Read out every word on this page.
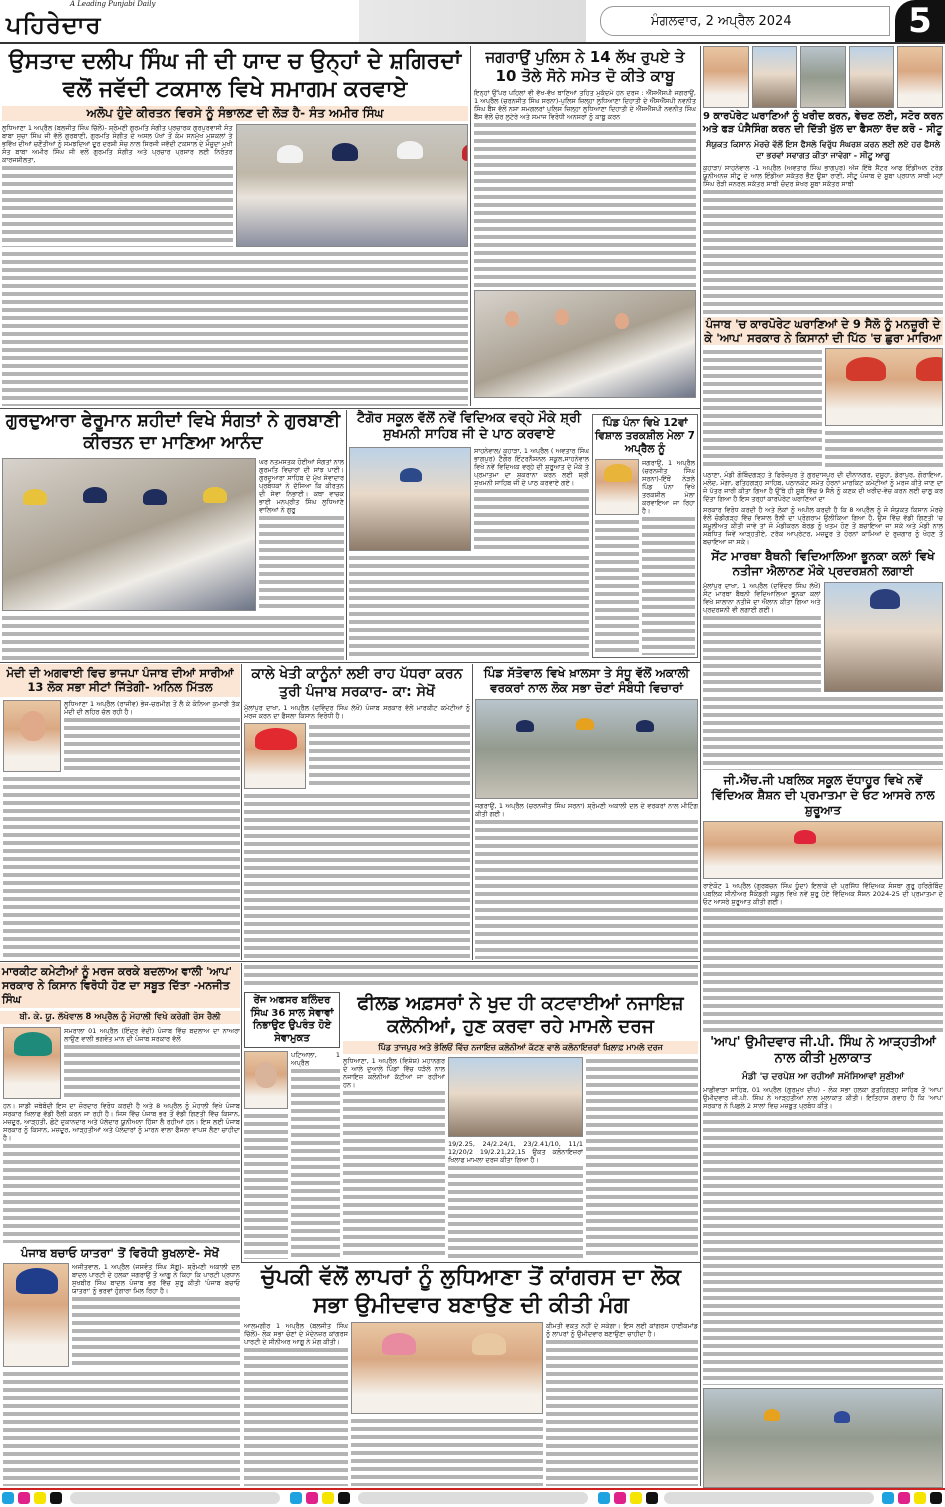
A Leading Punjabi Daily
ਪਹਿਰੇਦਾਰ	ਮੰਗਲਵਾਰ, 2 ਅਪ੍ਰੈਲ 2024	5
ਉਸਤਾਦ ਦਲੀਪ ਸਿੰਘ ਜੀ ਦੀ ਯਾਦ ਚ ਉਨ੍ਹਾਂ ਦੇ ਸ਼ਗਿਰਦਾਂ ਵਲੋਂ ਜਵੱਦੀ ਟਕਸਾਲ ਵਿਖੇ ਸਮਾਗਮ ਕਰਵਾਏ
ਅਲੋਪ ਹੁੰਦੇ ਕੀਰਤਨ ਵਿਰਸੇ ਨੂੰ ਸੰਭਾਲਣ ਦੀ ਲੋੜ ਹੈ- ਸੰਤ ਅਮੀਰ ਸਿੰਘ
ਲੁਧਿਆਣਾ 1 ਅਪ੍ਰੈਲ (ਬਲਜੀਤ ਸਿੰਘ ਚਿੱਲੋਂ)- ਸ਼੍ਰੋਮਣੀ ਗੁਰਮਤਿ ਸੰਗੀਤ ਪ੍ਰਚਾਰਕ ਗੁਰਪੁਰਵਾਸੀ ਸੰਤ ਬਾਬਾ ਸੁਚਾ ਸਿੰਘ ਜੀ ਵੱਲੋਂ ਗੁਰਬਾਣੀ, ਗੁਰਮਤਿ ਸੰਗੀਤ ਦੇ ਅਸਲ ਪੱਖਾਂ ਤੋਂ ਕੰਮ ਸਨਮੁੱਖ ਮੁਸ਼ਕਲਾਂ ਤੇ ਭਵਿੱਖ ਦੀਆਂ ਚਣੌਤੀਆਂ ਨੂੰ ਸਮਝਦਿਆਂ ਦੂਰ ਦਰਸ਼ੀ ਸੋਚ ਨਾਲ ਸਿਰਜੀ ਜਵੱਦੀ ਟਕਸਾਲ ਦੇ ਮੌਜੂਦਾ ਮੁਖੀ ਸੰਤ ਬਾਬਾ ਅਮੀਰ ਸਿੰਘ ਜੀ ਵਲੋਂ ਗੁਰਮਤਿ ਸੰਗੀਤ ਅਤੇ ਪ੍ਰਚਾਰ ਪ੍ਰਸਾਰ ਲਈ ਨਿਰੰਤਰ ਕਾਰਜਸ਼ੀਲਤਾ,
ਜਗਰਾਉਂ ਪੁਲਿਸ ਨੇ 14 ਲੱਖ ਰੁਪਏ ਤੇ 10 ਤੋਲੇ ਸੋਨੇ ਸਮੇਤ ਦੋ ਕੀਤੇ ਕਾਬੂ
ਇਨ੍ਹਾਂ ਉੱਪਰ ਪਹਿਲਾਂ ਵੀ ਵੱਖ-ਵੱਖ ਥਾਣਿਆਂ ਤਹਿਤ ਮੁਕੱਦਮੇ ਹਨ ਦਰਜ : ਐੱਸਐੱਸਪੀ ਜਗਰਾਉਂ, 1 ਅਪ੍ਰੈਲ (ਚਰਨਜੀਤ ਸਿੰਘ ਸਰਨਾ)-ਪੁਲਿਸ ਜ਼ਿਲ੍ਹਾ ਲੁਧਿਆਣਾ ਦਿਹਾਤੀ ਦੇ ਐੱਸਐੱਸਪੀ ਨਵਨੀਤ ਸਿੰਘ ਬੈਂਸ ਵੱਲੋਂ ਨਸ਼ਾ ਸਮਗਲਰਾਂ ਪੁਲਿਸ ਜ਼ਿਲ੍ਹਾ ਲੁਧਿਆਣਾ ਦਿਹਾਤੀ ਦੇ ਐੱਸਐੱਸਪੀ ਨਵਨੀਤ ਸਿੰਘ ਬੈਂਸ ਵੱਲੋਂ ਚੋਰ ਲੁਟੇਰੇ ਅਤੇ ਸਮਾਜ ਵਿਰੋਧੀ ਅਨਸਰਾਂ ਨੂੰ ਕਾਬੂ ਕਰਨ	9 ਕਾਰਪੋਰੇਟ ਘਰਾਣਿਆਂ ਨੂੰ ਖਰੀਦ ਕਰਨ, ਵੇਚਣ ਲਈ, ਸਟੋਰ ਕਰਨ ਅਤੇ ਫੜ ਪੰਸੈਸਿੰਗ ਕਰਨ ਦੀ ਦਿੱਤੀ ਖੁੱਲ ਦਾ ਫੈਸਲਾ ਰੱਦ ਕਰੋ - ਸੀਟੂ
ਸੰਯੁਕਤ ਕਿਸਾਨ ਮੋਰਚੇ ਵੱਲੋਂ ਇਸ ਫੈਸਲੇ ਵਿਰੁੱਧ ਸੰਘਰਸ਼ ਕਰਨ ਲਈ ਲਏ ਹਰ ਫੈਸਲੇ ਦਾ ਭਰਵਾਂ ਸਵਾਗਤ ਕੀਤਾ ਜਾਵੇਗਾ - ਸੀਟੂ ਆਗੂ
ਕੁਹਾੜਾ/ ਸਾਹਨੇਵਾਲ -1 ਅਪ੍ਰੈਲ (ਅਵਤਾਰ ਸਿੰਘ ਭਾਗਪੁਰ) ਅੱਜ ਇੱਥੇ ਸੈਂਟਰ ਆਫ ਇੰਡੀਅਨ ਟਰੇਡ ਯੂਨੀਅਨਜ਼ ਸੀਟੂ ਦੇ ਆਲ ਇੰਡੀਆ ਸਕੱਤਰ ਭੈਣ ਊਸ਼ਾ ਰਾਣੀ, ਸੀਟੂ ਪੰਜਾਬ ਦੇ ਸੂਬਾ ਪ੍ਰਧਾਨ ਸਾਥੀ ਮਹਾਂ ਸਿੰਘ ਰੌੜੀ ਜਨਰਲ ਸਕੱਤਰ ਸਾਥੀ ਚੰਦਰ ਸ਼ੇਖਰ ਸੂਬਾ ਸਕੱਤਰ ਸਾਥੀ
ਪੰਜਾਬ 'ਚ ਕਾਰਪੋਰੇਟ ਘਰਾਣਿਆਂ ਦੇ 9 ਸੈਲੋ ਨੂੰ ਮਨਜ਼ੂਰੀ ਦੇ ਕੇ 'ਆਪ' ਸਰਕਾਰ ਨੇ ਕਿਸਾਨਾਂ ਦੀ ਪਿੱਠ 'ਚ ਛੁਰਾ ਮਾਰਿਆ
ਪਠਾਣਾ, ਮੰਡੀ ਗੋਬਿੰਦਗੜ੍ਹ ਤੇ ਫਿਰੋਜ਼ਪੁਰ ਤੇ ਗੁਰਦਾਸਪੁਰ ਦੀ ਦੀਨਾਨਗਰ, ਦਸੂਹਾ, ਡੇਰਾਪੁਰ, ਗੋਰਾਇਆ, ਮਲੋਦ, ਮੋਗਾ, ਫਤਿਹਗੜ੍ਹ ਸਾਹਿਬ, ਪਠਾਨਕੋਟ ਸਮੇਤ ਹੋਰਨਾਂ ਮਾਰਕਿਟ ਕਮੇਟੀਆਂ ਨੂੰ ਮਰਜ ਕੀਤੇ ਜਾਣ ਦਾ ਜੋ ਪੱਤਰ ਜਾਰੀ ਕੀਤਾ ਗਿਆ ਹੈ ਉੱਥੇ ਹੀ ਸੂਬੇ ਵਿੱਚ 9 ਸੈਲੋ ਨੂੰ ਕਣਕ ਦੀ ਖਰੀਦ-ਵੇਚ ਕਰਨ ਲਈ ਚਾਲੂ ਕਰ ਦਿੱਤਾ ਗਿਆ ਹੈ ਇਸ ਤਰ੍ਹਾਂ ਕਾਰਪੋਰੇਟ ਘਰਾਣਿਆਂ ਦਾ
ਸਰਕਾਰ ਵਿਰੋਧ ਕਰਦੀ ਹੈ ਅਤੇ ਲੋਕਾਂ ਨੂੰ ਅਪੀਲ ਕਰਦੀ ਹੈ ਕਿ 8 ਅਪ੍ਰੈਲ ਨੂੰ ਜੋ ਸੰਯੁਕਤ ਕਿਸਾਨ ਮੋਰਚੇ ਵੱਲੋਂ ਚੰਡੀਗੜ੍ਹ ਵਿੱਚ ਵਿਸ਼ਾਲ ਰੈਲੀ ਦਾ ਪ੍ਰੋਗਰਾਮ ਉਲੀਕਿਆ ਗਿਆ ਹੈ, ਉਸ ਵਿੱਚ ਵੱਡੀ ਗਿਣਤੀ 'ਚ ਸ਼ਮੂਲੀਅਤ ਕੀਤੀ ਜਾਵੇ ਤਾਂ ਜੋ ਮੰਡੀਕਰਨ ਬੋਰਡ ਨੂੰ ਖਤਮ ਹੋਣ ਤੋਂ ਬਚਾਇਆ ਜਾ ਸਕੇ ਅਤੇ ਮੰਡੀ ਨਾਲ ਸਬੰਧਿਤ ਜਿਵੇਂ ਆੜ੍ਹਤੀਏ, ਟਰੱਕ ਆਪ੍ਰੇਟਰ, ਮਜ਼ਦੂਰ ਤੇ ਹੋਰਨਾਂ ਕਾਮਿਆਂ ਦੇ ਰੁਜ਼ਗਾਰ ਨੂੰ ਖੋਹਣ ਤੋਂ ਬਚਾਇਆ ਜਾ ਸਕੇ।
ਸੇਂਟ ਮਾਰਥਾ ਬੈਥਨੀ ਵਿਦਿਆਲਿਆ ਭੂਨਕਾ ਕਲਾਂ ਵਿਖੇ ਨਤੀਜਾ ਐਲਾਨਣ ਮੌਕੇ ਪ੍ਰਦਰਸ਼ਨੀ ਲਗਾਈ
ਮੁੱਲਾਂਪੁਰ ਦਾਖਾ, 1 ਅਪ੍ਰੈਲ (ਦਵਿੰਦਰ ਸਿੰਘ ਲੱਖੋਂ) ਸੇਂਟ ਮਾਰਥਾ ਬੈਥਨੀ ਵਿਦਿਆਲਿਆ ਭੂਨਕਾ ਕਲਾਂ ਵਿਖੇ ਸਾਲਾਨਾ ਨਤੀਜੇ ਦਾ ਐਲਾਨ ਕੀਤਾ ਗਿਆ ਅਤੇ ਪ੍ਰਦਰਸ਼ਨੀ ਵੀ ਲਗਾਈ ਗਈ।
ਜੀ.ਐੱਚ.ਜੀ ਪਬਲਿਕ ਸਕੂਲ ਦੱਧਾਹੂਰ ਵਿਖੇ ਨਵੇਂ ਵਿੱਦਿਅਕ ਸ਼ੈਸ਼ਨ ਦੀ ਪ੍ਰਮਾਤਮਾ ਦੇ ਓਟ ਆਸਰੇ ਨਾਲ ਸ਼ੁਰੂਆਤ
ਰਾਏਕੋਟ 1 ਅਪ੍ਰੈਲ (ਗੁਰਬਚਨ ਸਿੰਘ ਧੂੰਦਾ) ਇਲਾਕੇ ਦੀ ਪ੍ਰਸਿੱਧ ਵਿੱਦਿਅਕ ਸੰਸਥਾ ਗੁਰੂ ਹਰਿਗੋਬਿੰਦ ਪਬਲਿਕ ਸੀਨੀਅਰ ਸੈਕੰਡਰੀ ਸਕੂਲ ਵਿਖੇ ਨਵੇਂ ਸ਼ੁਰੂ ਹੋਏ ਵਿੱਦਿਅਕ ਸੈਸ਼ਨ 2024-25 ਦੀ ਪ੍ਰਮਾਤਮਾ ਦੇ ਓਟ ਆਸਰੇ ਸ਼ੁਰੂਆਤ ਕੀਤੀ ਗਈ।
'ਆਪ' ਉਮੀਦਵਾਰ ਜੀ.ਪੀ. ਸਿੰਘ ਨੇ ਆੜ੍ਹਤੀਆਂ ਨਾਲ ਕੀਤੀ ਮੁਲਾਕਾਤ
ਮੰਡੀ 'ਚ ਦਰਪੇਸ਼ ਆ ਰਹੀਆਂ ਸਮੱਸਿਆਵਾਂ ਸੁਣੀਆਂ
ਮਾਛੀਵਾੜਾ ਸਾਹਿਬ, 01 ਅਪ੍ਰੈਲ (ਗੁਰਮੁਖ ਦੀਪ) - ਲੋਕ ਸਭਾ ਹਲਕਾ ਫ਼ਤਹਿਗੜ੍ਹ ਸਾਹਿਬ ਤੋਂ 'ਆਪ' ਉਮੀਦਵਾਰ ਜੀ.ਪੀ. ਸਿੰਘ ਨੇ ਆੜ੍ਹਤੀਆਂ ਨਾਲ ਮੁਲਾਕਾਤ ਕੀਤੀ। ਇਤਿਹਾਸ ਗਵਾਹ ਹੈ ਕਿ 'ਆਪ' ਸਰਕਾਰ ਨੇ ਪਿਛਲੇ 2 ਸਾਲਾਂ ਵਿਚ ਮਜ਼ਬੂਤ ਪ੍ਰਬੰਧ ਕੀਤੇ।
ਗੁਰਦੁਆਰਾ ਫੇਰੂਮਾਨ ਸ਼ਹੀਦਾਂ ਵਿਖੇ ਸੰਗਤਾਂ ਨੇ ਗੁਰਬਾਣੀ ਕੀਰਤਨ ਦਾ ਮਾਣਿਆ ਆਨੰਦ
ਘਰ ਨਤਮਸਤਕ ਹੋਈਆਂ ਸੰਗਤਾਂ ਨਾਲ ਗੁਰਮਤਿ ਵਿਚਾਰਾਂ ਦੀ ਸਾਂਝ ਪਾਈ। ਗੁਰਦੁਆਰਾ ਸਾਹਿਬ ਦੇ ਮੁੱਖ ਸੇਵਾਦਾਰ ਪ੍ਰਬੰਧਕਾਂ ਨੇ ਦੱਸਿਆ ਕਿ ਕੀਰਤਨ ਦੀ ਸੇਵਾ ਨਿਭਾਈ। ਕਥਾ ਵਾਚਕ ਭਾਈ ਮਨਪ੍ਰੀਤ ਸਿੰਘ ਲੁਧਿਆਣੇ ਵਾਲਿਆਂ ਨੇ ਗੁਰੂ
ਟੈਗੋਰ ਸਕੂਲ ਵੱਲੋਂ ਨਵੇਂ ਵਿਦਿਅਕ ਵਰ੍ਹੇ ਮੌਕੇ ਸ਼੍ਰੀ ਸੁਖਮਨੀ ਸਾਹਿਬ ਜੀ ਦੇ ਪਾਠ ਕਰਵਾਏ
ਸਾਹਨੇਵਾਲ/ ਕੁਹਾੜਾ, 1 ਅਪ੍ਰੈਲ ( ਅਵਤਾਰ ਸਿੰਘ ਭਾਗਪੁਰ) ਟੈਗੋਰ ਇੰਟਰਨੈਸ਼ਨਲ ਸਕੂਲ,ਸਾਹਨੇਵਾਲ ਵਿਖੇ ਨਵੇਂ ਵਿਦਿਅਕ ਵਰ੍ਹੇ ਦੀ ਸ਼ੁਰੂਆਤ ਦੇ ਮੌਕੇ ਤੇ ਪ੍ਰਮਾਤਮਾ ਦਾ ਸ਼ੁਕਰਾਨਾ ਕਰਨ ਲਈ ਸ਼੍ਰੀ ਸੁਖਮਨੀ ਸਾਹਿਬ ਜੀ ਦੇ ਪਾਠ ਕਰਵਾਏ ਗਏ।
ਪਿੰਡ ਪੰਨਾ ਵਿਖੇ 12ਵਾਂ ਵਿਸ਼ਾਲ ਤਰਕਸ਼ੀਲ ਮੇਲਾ 7 ਅਪ੍ਰੈਲ ਨੂੰ
ਜਗਰਾਉਂ, 1 ਅਪ੍ਰੈਲ (ਚਰਨਜੀਤ ਸਿੰਘ ਸਰਨਾ)-ਇੱਥੋਂ ਨੇੜਲੇ ਪਿੰਡ ਪੰਨਾ ਵਿਖੇ ਤਰਕਸ਼ੀਲ ਮੇਲਾ ਕਰਵਾਇਆ ਜਾ ਰਿਹਾ ਹੈ।
ਮੋਦੀ ਦੀ ਅਗਵਾਈ ਵਿਚ ਭਾਜਪਾ ਪੰਜਾਬ ਦੀਆਂ ਸਾਰੀਆਂ 13 ਲੋਕ ਸਭਾ ਸੀਟਾਂ ਜਿੱਤੇਗੀ- ਅਨਿਲ ਮਿੱਤਲ
ਲੁਧਿਆਣਾ 1 ਅਪ੍ਰੈਲ (ਰਾਜੀਵ) ਭੇਜ-ਚਰਮੀਗ ਤੋਂ ਲੈ ਕੇ ਕੰਨਿਆ ਕੁਮਾਰੀ ਤੱਕ ਮੋਦੀ ਦੀ ਲਹਿਰ ਚੱਲ ਰਹੀ ਹੈ।
ਕਾਲੇ ਖੇਤੀ ਕਾਨੂੰਨਾਂ ਲਈ ਰਾਹ ਪੱਧਰਾ ਕਰਨ ਤੁਰੀ ਪੰਜਾਬ ਸਰਕਾਰ- ਕਾ: ਸੇਖੋਂ
ਮੁੱਲਾਂਪੁਰ ਦਾਖਾ, 1 ਅਪ੍ਰੈਲ (ਦਵਿੰਦਰ ਸਿੰਘ ਲੱਖੋਂ) ਪੰਜਾਬ ਸਰਕਾਰ ਵੱਲੋਂ ਮਾਰਕੀਟ ਕਮੇਟੀਆਂ ਨੂੰ ਮਰਜ ਕਰਨ ਦਾ ਫੈਸਲਾ ਕਿਸਾਨ ਵਿਰੋਧੀ ਹੈ।
ਪਿੰਡ ਸੱਤੋਵਾਲ ਵਿਖੇ ਖ਼ਾਲਸਾ ਤੇ ਸੰਧੂ ਵੱਲੋਂ ਅਕਾਲੀ ਵਰਕਰਾਂ ਨਾਲ ਲੋਕ ਸਭਾ ਚੋਣਾਂ ਸੰਬੰਧੀ ਵਿਚਾਰਾਂ
ਜਗਰਾਉਂ, 1 ਅਪ੍ਰੈਲ (ਚਰਨਜੀਤ ਸਿੰਘ ਸਰਨਾ) ਸ਼੍ਰੋਮਣੀ ਅਕਾਲੀ ਦਲ ਦੇ ਵਰਕਰਾਂ ਨਾਲ ਮੀਟਿੰਗ ਕੀਤੀ ਗਈ।
ਮਾਰਕੀਟ ਕਮੇਟੀਆਂ ਨੂੰ ਮਰਜ ਕਰਕੇ ਬਦਲਾਅ ਵਾਲੀ 'ਆਪ' ਸਰਕਾਰ ਨੇ ਕਿਸਾਨ ਵਿਰੋਧੀ ਹੋਣ ਦਾ ਸਬੂਤ ਦਿੱਤਾ -ਮਨਜੀਤ ਸਿੰਘ
ਬੀ. ਕੇ. ਯੂ. ਲੱਖੋਵਾਲ 8 ਅਪ੍ਰੈਲ ਨੂੰ ਮੋਹਾਲੀ ਵਿਖੇ ਕਰੇਗੀ ਰੋਸ ਰੈਲੀ
ਸਮਰਾਲਾ 01 ਅਪ੍ਰੈਲ (ਇੰਦ੍ਰ ਵੇਦੀ) ਪੰਜਾਬ ਵਿੱਚ ਬਦਲਾਅ ਦਾ ਨਾਅਰਾ ਲਾਉਣ ਵਾਲੀ ਭਗਵੰਤ ਮਾਨ ਦੀ ਪੰਜਾਬ ਸਰਕਾਰ ਵੱਲੋਂ
ਹਨ। ਸਾਡੀ ਜਥੇਬੰਦੀ ਇਸ ਦਾ ਜ਼ੋਰਦਾਰ ਵਿਰੋਧ ਕਰਦੀ ਹੈ ਅਤੇ 8 ਅਪ੍ਰੈਲ ਨੂੰ ਮੋਹਾਲੀ ਵਿਖੇ ਪੰਜਾਬ ਸਰਕਾਰ ਖਿਲਾਫ ਵੱਡੀ ਰੈਲੀ ਕਰਨ ਜਾ ਰਹੀ ਹੈ। ਜਿਸ ਵਿੱਚ ਪੰਜਾਬ ਭਰ ਤੋਂ ਵੱਡੀ ਗਿਣਤੀ ਵਿੱਚ ਕਿਸਾਨ, ਮਜ਼ਦੂਰ, ਆੜ੍ਹਤੀ, ਛੋਟੇ ਦੁਕਾਨਦਾਰ ਅਤੇ ਪੱਲੇਦਾਰ ਯੂਨੀਅਨਾ ਹਿੱਸਾ ਲੈ ਰਹੀਆਂ ਹਨ। ਇਸ ਲਈ ਪੰਜਾਬ ਸਰਕਾਰ ਨੂੰ ਕਿਸਾਨ, ਮਜ਼ਦੂਰ, ਆੜ੍ਹਤੀਆਂ ਅਤੇ ਪੱਲੇਦਾਰਾਂ ਨੂੰ ਮਾਰਨ ਵਾਲਾ ਫੈਸਲਾ ਵਾਪਸ ਲੈਣਾ ਚਾਹੀਦਾ ਹੈ।
ਰੇਂਜ ਅਫਸਰ ਬਲਿੰਦਰ ਸਿੰਘ 36 ਸਾਲ ਸੇਵਾਵਾਂ ਨਿਭਾਉਣ ਉਪਰੰਤ ਹੋਏ ਸੇਵਾਮੁਕਤ
ਪਟਿਆਲਾ, 1 ਅਪ੍ਰੈਲ
ਫੀਲਡ ਅਫ਼ਸਰਾਂ ਨੇ ਖੁਦ ਹੀ ਕਟਵਾਈਆਂ ਨਜਾਇਜ਼ ਕਲੋਨੀਆਂ, ਹੁਣ ਕਰਵਾ ਰਹੇ ਮਾਮਲੇ ਦਰਜ
ਪਿੰਡ ਤਾਜਪੁਰ ਅਤੇ ਭੋਲਿਓਂ ਵਿੱਚ ਨਜਾਇਜ਼ ਕਲੋਨੀਆਂ ਕੱਟਣ ਵਾਲੇ ਕਲੋਨਾਇਜ਼ਰਾਂ ਖ਼ਿਲਾਫ਼ ਮਾਮਲੇ ਦਰਜ
ਲੁਧਿਆਣਾ, 1 ਅਪ੍ਰੈਲ (ਵਿਸ਼ੇਸ਼) ਮਹਾਨਗਰ ਦੇ ਆਲੇ ਦੁਆਲੇ ਪਿੰਡਾਂ ਵਿੱਚ ਧੜੱਲੇ ਨਾਲ ਨਜਾਇਜ਼ ਕਲੋਨੀਆਂ ਕੱਟੀਆਂ ਜਾ ਰਹੀਆਂ ਹਨ।
19/2.25, 24/2.24/1, 23/2.41/10, 11/1 12/20/2 19/2.21,22,15 ਉਕਤ ਕਲੋਨਾਇਜ਼ਰਾਂ ਖਿਲਾਫ ਮਾਮਲਾ ਦਰਜ ਕੀਤਾ ਗਿਆ ਹੈ।
ਪੰਜਾਬ ਬਚਾਓ ਯਾਤਰਾ' ਤੋਂ ਵਿਰੋਧੀ ਬੁਖਲਾਏ- ਸੇਖੋਂ
ਅਜੀਤਵਾਲ, 1 ਅਪ੍ਰੈਲ (ਜਸਵੰਤ ਸਿੰਘ ਸੱਗੂ)- ਸ਼੍ਰੋਮਣੀ ਅਕਾਲੀ ਦਲ ਬਾਦਲ ਪਾਰਟੀ ਦੇ ਹਲਕਾ ਜਗਰਾਉਂ ਤੋਂ ਆਗੂ ਨੇ ਕਿਹਾ ਕਿ ਪਾਰਟੀ ਪ੍ਰਧਾਨ ਸੁਖਬੀਰ ਸਿੰਘ ਬਾਦਲ ਪੰਜਾਬ ਭਰ ਵਿੱਚ ਸ਼ੁਰੂ ਕੀਤੀ 'ਪੰਜਾਬ ਬਚਾਓ ਯਾਤਰਾ' ਨੂੰ ਭਰਵਾਂ ਹੁੰਗਾਰਾ ਮਿਲ ਰਿਹਾ ਹੈ।
ਚੁੱਪਕੀ ਵੱਲੋਂ ਲਾਪਰਾਂ ਨੂੰ ਲੁਧਿਆਣਾ ਤੋਂ ਕਾਂਗਰਸ ਦਾ ਲੋਕ ਸਭਾ ਉਮੀਦਵਾਰ ਬਣਾਉਣ ਦੀ ਕੀਤੀ ਮੰਗ
ਆਲਮਗੀਰ 1 ਅਪ੍ਰੈਲ (ਬਲਜੀਤ ਸਿੰਘ ਚਿੱਲੋਂ)- ਲੋਕ ਸਭਾ ਚੋਣਾਂ ਦੇ ਮੱਦੇਨਜ਼ਰ ਕਾਂਗਰਸ ਪਾਰਟੀ ਦੇ ਸੀਨੀਅਰ ਆਗੂ ਨੇ ਮੰਗ ਕੀਤੀ।
ਕੀਮਤੀ ਵਕਤ ਨਹੀਂ ਦੇ ਸਕੇਗਾ। ਇਸ ਲਈ ਕਾਂਗਰਸ ਹਾਈਕਮਾਂਡ ਨੂੰ ਲਾਪਰਾਂ ਨੂੰ ਉਮੀਦਵਾਰ ਬਣਾਉਣਾ ਚਾਹੀਦਾ ਹੈ।
